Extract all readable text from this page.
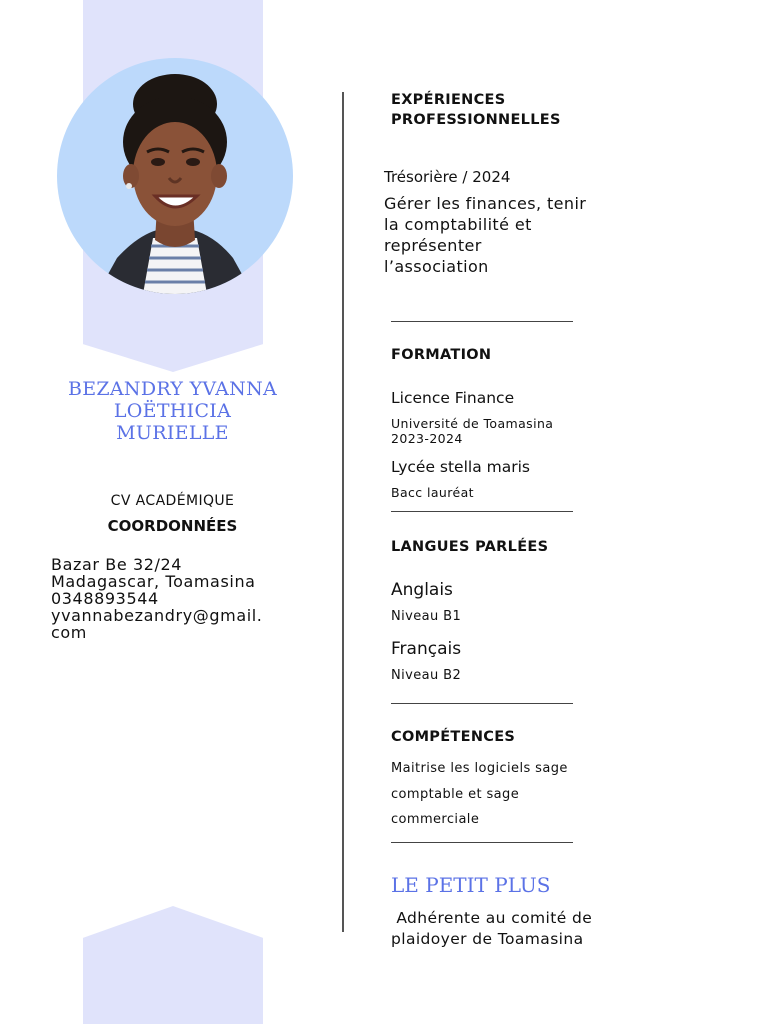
BEZANDRY YVANNA
LOËTHICIA
MURIELLE
CV ACADÉMIQUE
COORDONNÉES
Bazar Be 32/24
Madagascar, Toamasina
0348893544
yvannabezandry@gmail.
com
EXPÉRIENCES
PROFESSIONNELLES
Trésorière / 2024
Gérer les finances, tenir
la comptabilité et
représenter
l’association
FORMATION
Licence Finance
Université de Toamasina
2023-2024
Lycée stella maris
Bacc lauréat
LANGUES PARLÉES
Anglais
Niveau B1
Français
Niveau B2
COMPÉTENCES
Maitrise les logiciels sage
comptable et sage
commerciale
LE PETIT PLUS
Adhérente au comité de
plaidoyer de Toamasina
